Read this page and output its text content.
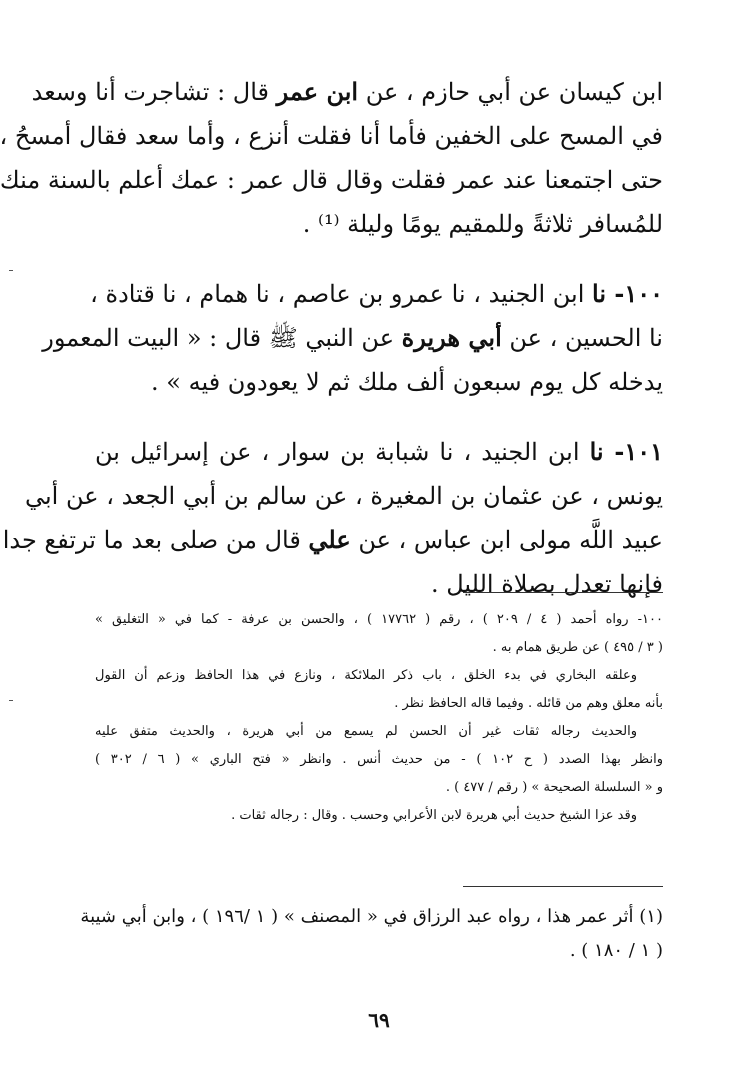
ابن كيسان عن أبي حازم ، عن ابن عمر قال : تشاجرت أنا وسعد
في المسح على الخفين فأما أنا فقلت أنزع ، وأما سعد فقال أمسحُ ،
حتى اجتمعنا عند عمر فقلت وقال قال عمر : عمك أعلم بالسنة منك
للمُسافر ثلاثةً وللمقيم يومًا وليلة ⁽¹⁾ .
١٠٠- نا ابن الجنيد ، نا عمرو بن عاصم ، نا همام ، نا قتادة ،
نا الحسين ، عن أبي هريرة عن النبي ﷺ قال : « البيت المعمور
يدخله كل يوم سبعون ألف ملك ثم لا يعودون فيه » .
١٠١- نا ابن الجنيد ، نا شبابة بن سوار ، عن إسرائيل بن
يونس ، عن عثمان بن المغيرة ، عن سالم بن أبي الجعد ، عن أبي
عبيد اللَّه مولى ابن عباس ، عن علي قال من صلى بعد ما ترتفع جدا
فإنها تعدل بصلاة الليل .
١٠٠- رواه أحمد ( ٤ / ٢٠٩ ) ، رقم ( ١٧٧٦٢ ) ، والحسن بن عرفة - كما في « التغليق »
( ٣ / ٤٩٥ ) عن طريق همام به .
وعلقه البخاري في بدء الخلق ، باب ذكر الملائكة ، ونازع في هذا الحافظ وزعم أن القول
بأنه معلق وهم من قائله . وفيما قاله الحافظ نظر .
والحديث رجاله ثقات غير أن الحسن لم يسمع من أبي هريرة ، والحديث متفق عليه
وانظر بهذا الصدد ( ح ١٠٢ ) - من حديث أنس . وانظر « فتح الباري » ( ٦ / ٣٠٢ )
و « السلسلة الصحيحة » ( رقم / ٤٧٧ ) .
وقد عزا الشيخ حديث أبي هريرة لابن الأعرابي وحسب . وقال : رجاله ثقات .
(١) أثر عمر هذا ، رواه عبد الرزاق في « المصنف » ( ١ /١٩٦ ) ، وابن أبي شيبة
( ١ / ١٨٠ ) .
٦٩
